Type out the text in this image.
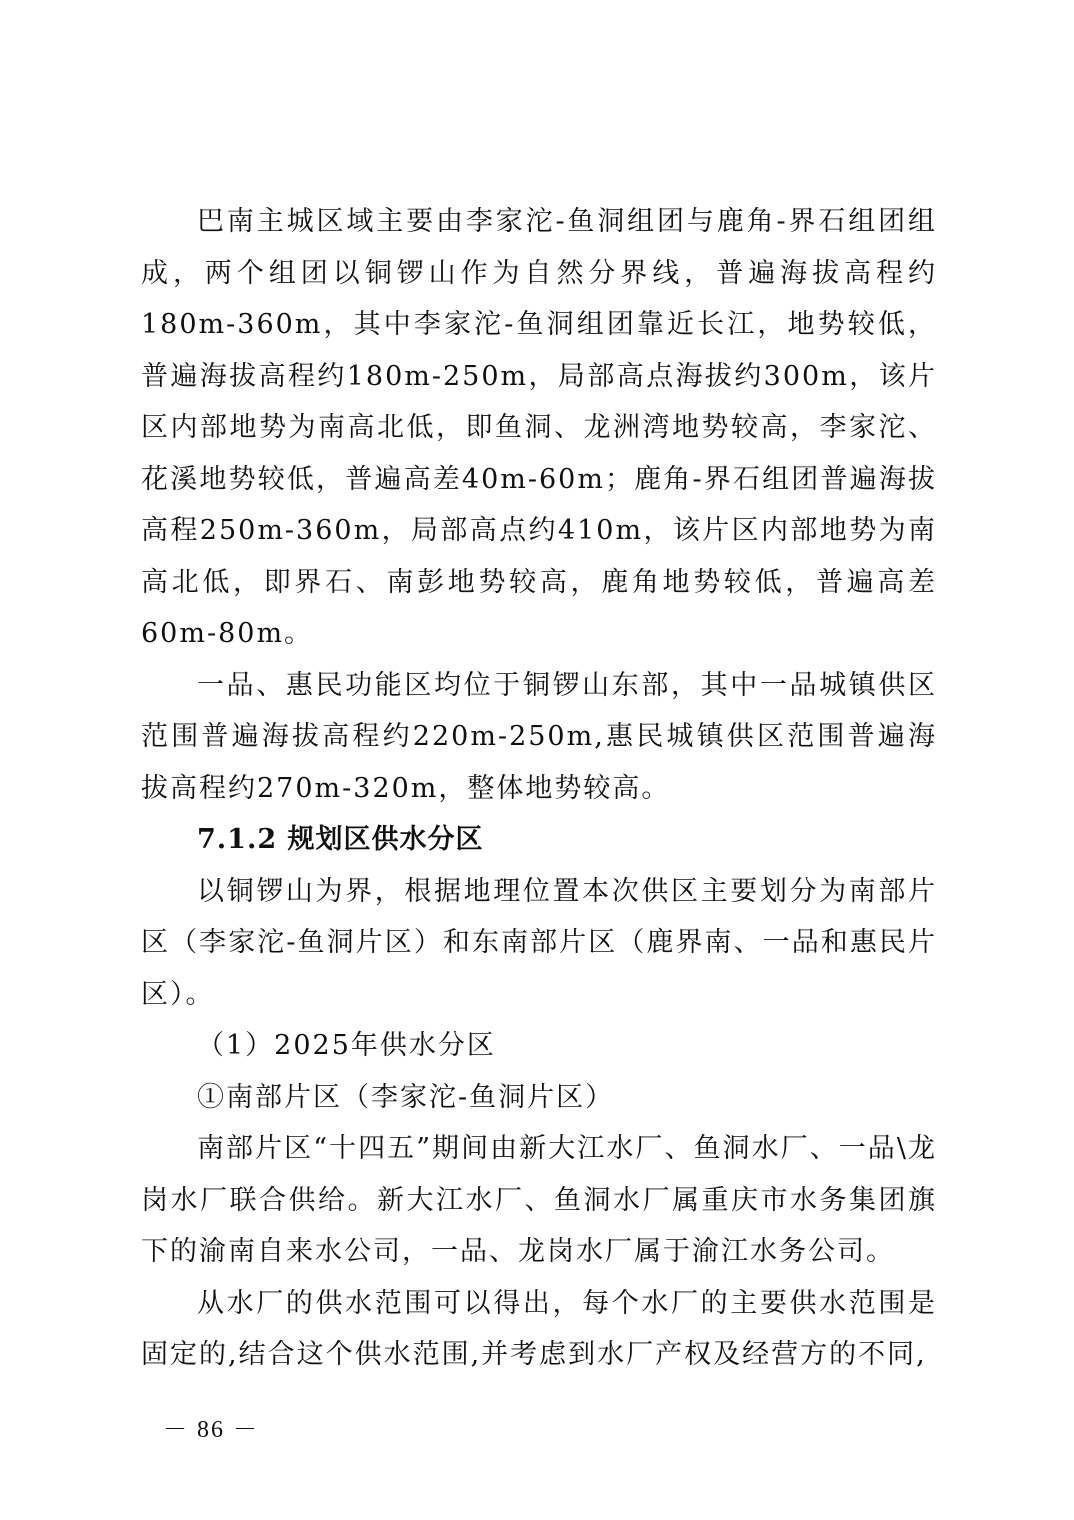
巴南主城区域主要由李家沱-鱼洞组团与鹿角-界石组团组成，两个组团以铜锣山作为自然分界线，普遍海拔高程约180m-360m，其中李家沱-鱼洞组团靠近长江，地势较低，普遍海拔高程约180m-250m，局部高点海拔约300m，该片区内部地势为南高北低，即鱼洞、龙洲湾地势较高，李家沱、花溪地势较低，普遍高差40m-60m；鹿角-界石组团普遍海拔高程250m-360m，局部高点约410m，该片区内部地势为南高北低，即界石、南彭地势较高，鹿角地势较低，普遍高差60m-80m。

一品、惠民功能区均位于铜锣山东部，其中一品城镇供区范围普遍海拔高程约220m-250m,惠民城镇供区范围普遍海拔高程约270m-320m，整体地势较高。

7.1.2 规划区供水分区

以铜锣山为界，根据地理位置本次供区主要划分为南部片区（李家沱-鱼洞片区）和东南部片区（鹿界南、一品和惠民片区）。

（1）2025年供水分区

①南部片区（李家沱-鱼洞片区）

南部片区“十四五”期间由新大江水厂、鱼洞水厂、一品\龙岗水厂联合供给。新大江水厂、鱼洞水厂属重庆市水务集团旗下的渝南自来水公司，一品、龙岗水厂属于渝江水务公司。

从水厂的供水范围可以得出，每个水厂的主要供水范围是固定的,结合这个供水范围,并考虑到水厂产权及经营方的不同,

－ 86 －
